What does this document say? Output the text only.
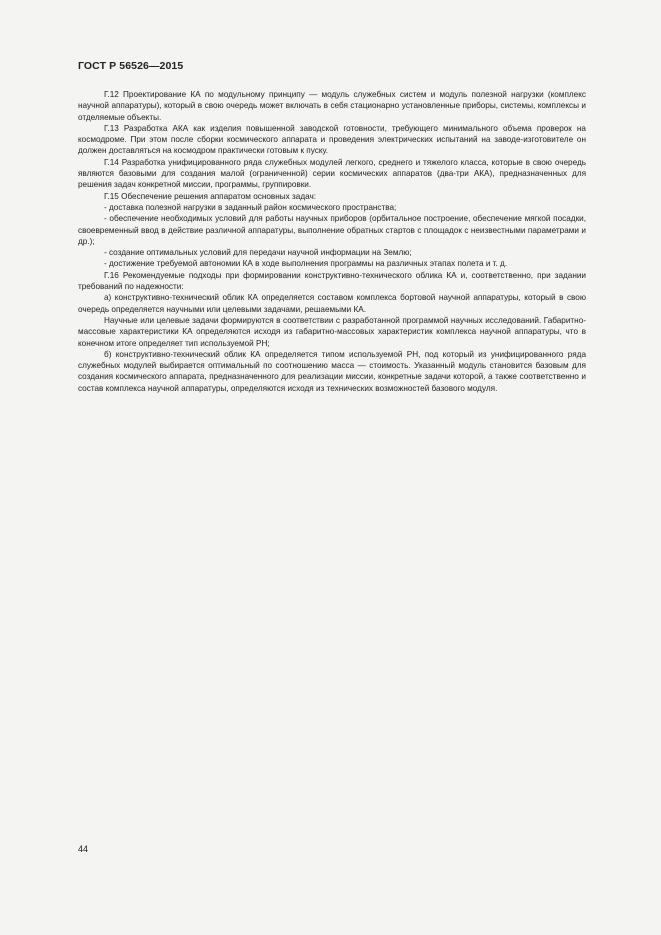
ГОСТ Р 56526—2015

Г.12 Проектирование КА по модульному принципу — модуль служебных систем и модуль полезной нагрузки (комплекс научной аппаратуры), который в свою очередь может включать в себя стационарно установленные приборы, системы, комплексы и отделяемые объекты.

Г.13 Разработка АКА как изделия повышенной заводской готовности, требующего минимального объема проверок на космодроме. При этом после сборки космического аппарата и проведения электрических испытаний на заводе-изготовителе он должен доставляться на космодром практически готовым к пуску.

Г.14 Разработка унифицированного ряда служебных модулей легкого, среднего и тяжелого класса, которые в свою очередь являются базовыми для создания малой (ограниченной) серии космических аппаратов (два-три АКА), предназначенных для решения задач конкретной миссии, программы, группировки.

Г.15 Обеспечение решения аппаратом основных задач:

- доставка полезной нагрузки в заданный район космического пространства;

- обеспечение необходимых условий для работы научных приборов (орбитальное построение, обеспечение мягкой посадки, своевременный ввод в действие различной аппаратуры, выполнение обратных стартов с площадок с неизвестными параметрами и др.);

- создание оптимальных условий для передачи научной информации на Землю;

- достижение требуемой автономии КА в ходе выполнения программы на различных этапах полета и т. д.

Г.16 Рекомендуемые подходы при формировании конструктивно-технического облика КА и, соответственно, при задании требований по надежности:

а) конструктивно-технический облик КА определяется составом комплекса бортовой научной аппаратуры, который в свою очередь определяется научными или целевыми задачами, решаемыми КА.

Научные или целевые задачи формируются в соответствии с разработанной программой научных исследований. Габаритно-массовые характеристики КА определяются исходя из габаритно-массовых характеристик комплекса научной аппаратуры, что в конечном итоге определяет тип используемой РН;

б) конструктивно-технический облик КА определяется типом используемой РН, под который из унифицированного ряда служебных модулей выбирается оптимальный по соотношению масса — стоимость. Указанный модуль становится базовым для создания космического аппарата, предназначенного для реализации миссии, конкретные задачи которой, а также соответственно и состав комплекса научной аппаратуры, определяются исходя из технических возможностей базового модуля.

44
